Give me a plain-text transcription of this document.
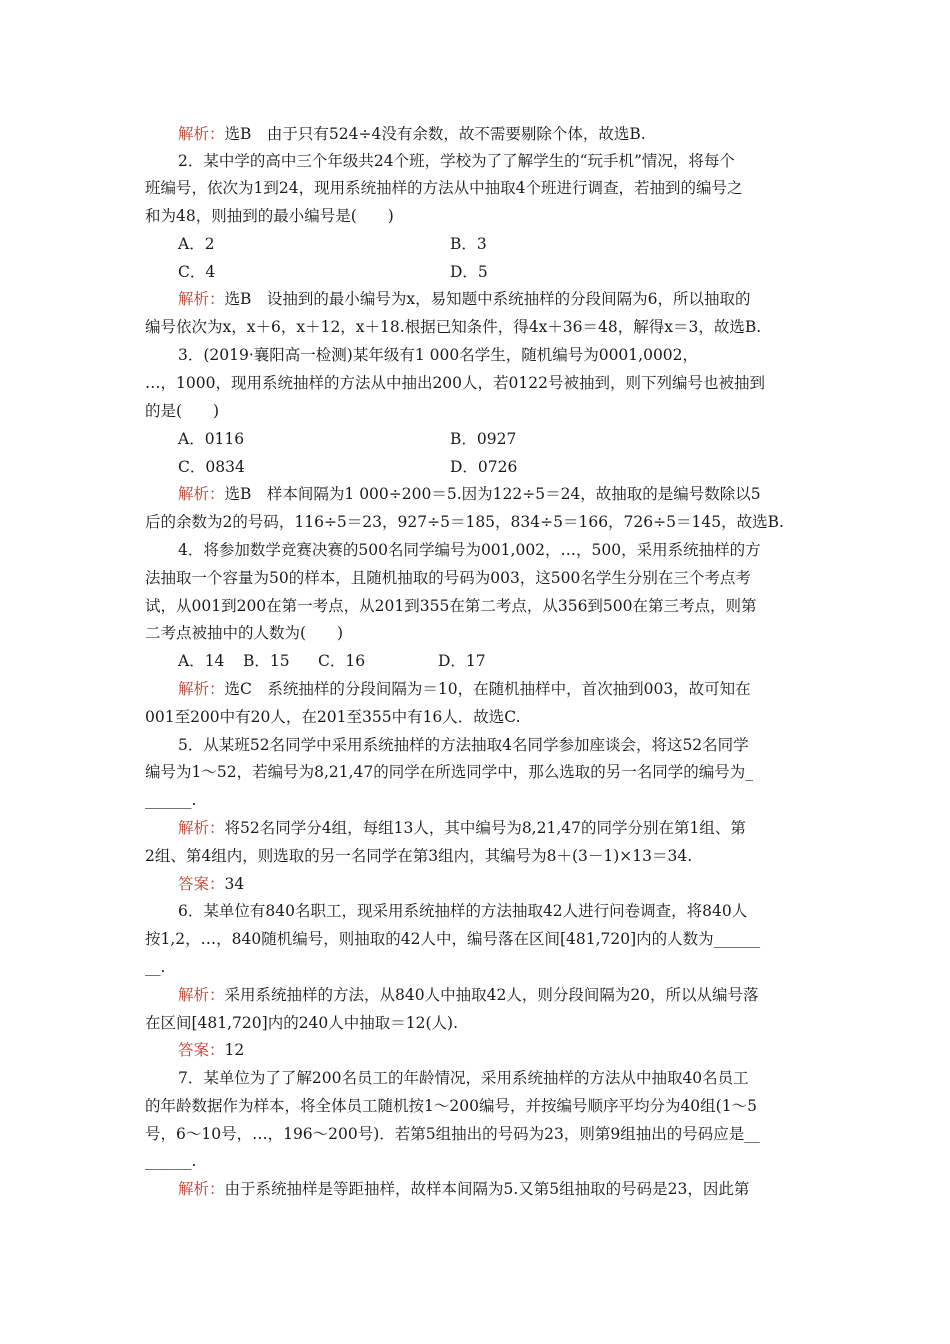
解析：选B　由于只有524÷4没有余数，故不需要剔除个体，故选B.
2．某中学的高中三个年级共24个班，学校为了了解学生的“玩手机”情况，将每个
班编号，依次为1到24，现用系统抽样的方法从中抽取4个班进行调查，若抽到的编号之
和为48，则抽到的最小编号是(　　)
A．2	B．3
C．4	D．5
解析：选B　设抽到的最小编号为x，易知题中系统抽样的分段间隔为6，所以抽取的
编号依次为x，x＋6，x＋12，x＋18.根据已知条件，得4x＋36＝48，解得x＝3，故选B.
3．(2019·襄阳高一检测)某年级有1 000名学生，随机编号为0001,0002，
…，1000，现用系统抽样的方法从中抽出200人，若0122号被抽到，则下列编号也被抽到
的是(　　)
A．0116	B．0927
C．0834	D．0726
解析：选B　样本间隔为1 000÷200＝5.因为122÷5＝24，故抽取的是编号数除以5
后的余数为2的号码，116÷5＝23，927÷5＝185，834÷5＝166，726÷5＝145，故选B.
4．将参加数学竞赛决赛的500名同学编号为001,002，…，500，采用系统抽样的方
法抽取一个容量为50的样本，且随机抽取的号码为003，这500名学生分别在三个考点考
试，从001到200在第一考点，从201到355在第二考点，从356到500在第三考点，则第
二考点被抽中的人数为(　　)
A．14 B．15 C．16	D．17
解析：选C　系统抽样的分段间隔为＝10，在随机抽样中，首次抽到003，故可知在
001至200中有20人，在201至355中有16人．故选C.
5．从某班52名同学中采用系统抽样的方法抽取4名同学参加座谈会，将这52名同学
编号为1～52，若编号为8,21,47的同学在所选同学中，那么选取的另一名同学的编号为_
______.
解析：将52名同学分4组，每组13人，其中编号为8,21,47的同学分别在第1组、第
2组、第4组内，则选取的另一名同学在第3组内，其编号为8＋(3－1)×13＝34.
答案：34
6．某单位有840名职工，现采用系统抽样的方法抽取42人进行问卷调查，将840人
按1,2，…，840随机编号，则抽取的42人中，编号落在区间[481,720]内的人数为______
__.
解析：采用系统抽样的方法，从840人中抽取42人，则分段间隔为20，所以从编号落
在区间[481,720]内的240人中抽取＝12(人).
答案：12
7．某单位为了了解200名员工的年龄情况，采用系统抽样的方法从中抽取40名员工
的年龄数据作为样本，将全体员工随机按1～200编号，并按编号顺序平均分为40组(1～5
号，6～10号，…，196～200号)．若第5组抽出的号码为23，则第9组抽出的号码应是__
______.
解析：由于系统抽样是等距抽样，故样本间隔为5.又第5组抽取的号码是23，因此第
